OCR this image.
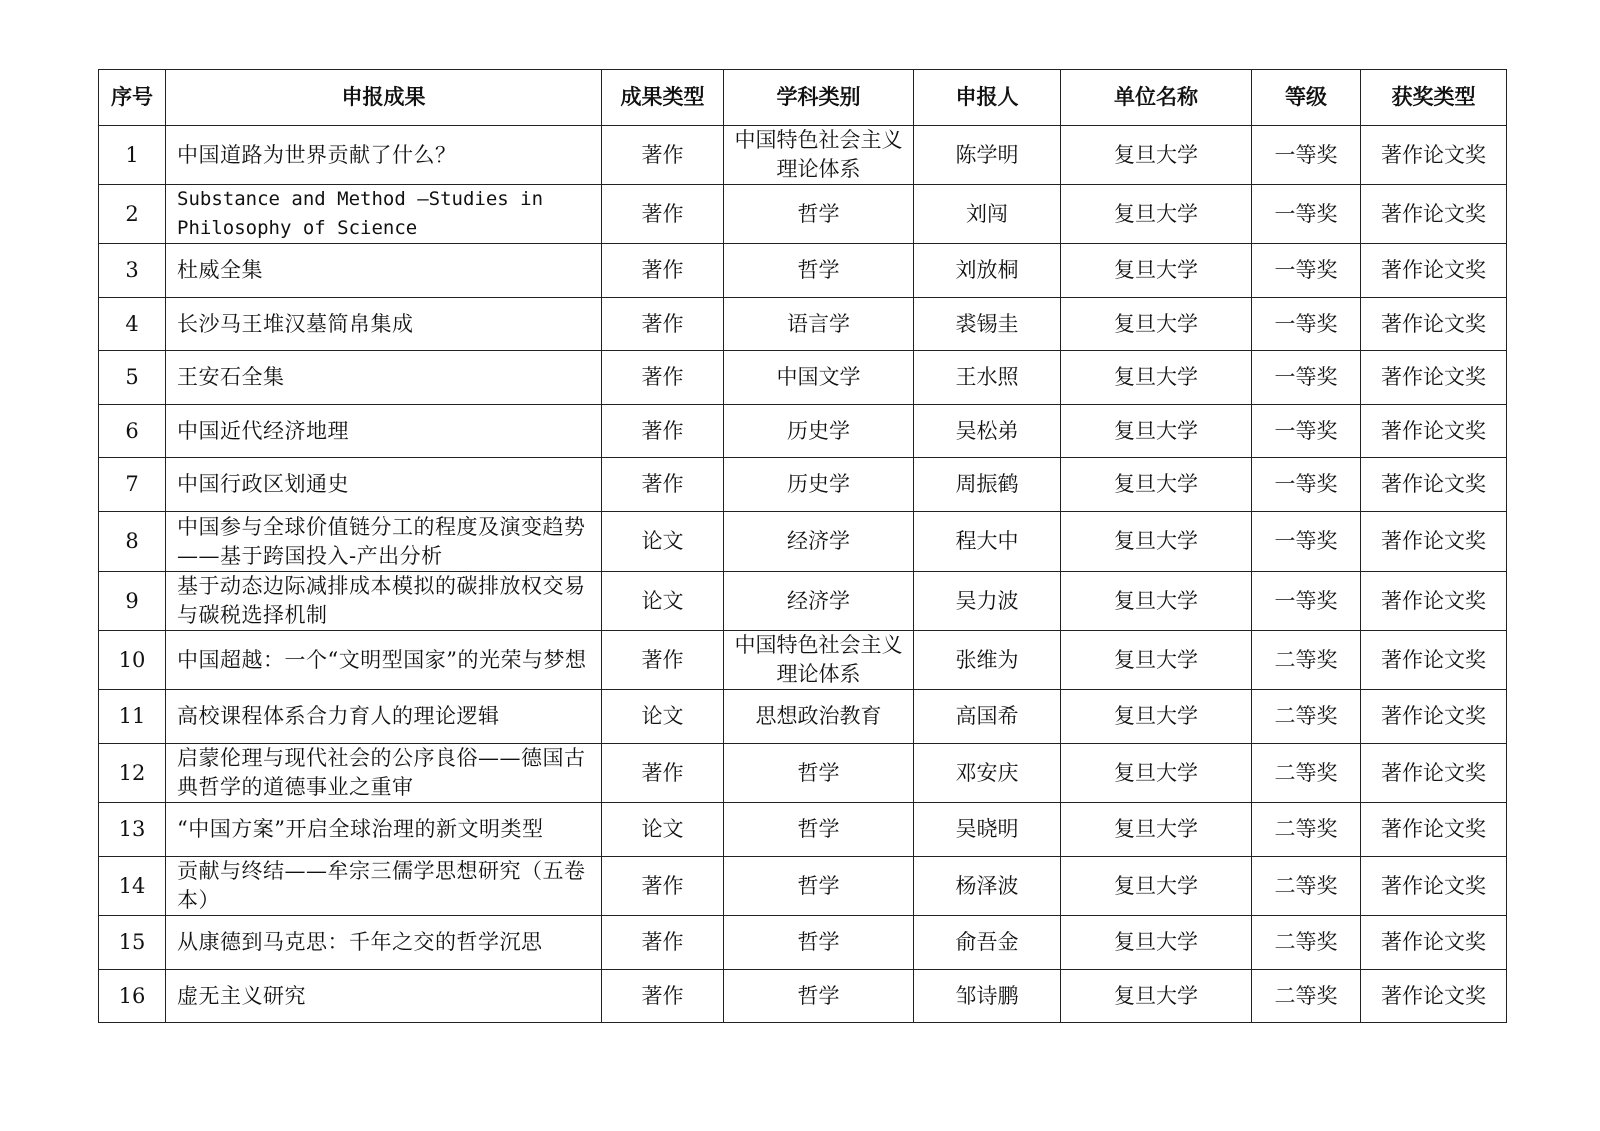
序号	申报成果	成果类型	学科类别	申报人	单位名称	等级	获奖类型
1	中国道路为世界贡献了什么？	著作	中国特色社会主义理论体系	陈学明	复旦大学	一等奖	著作论文奖
2	Substance and Method —Studies in Philosophy of Science	著作	哲学	刘闯	复旦大学	一等奖	著作论文奖
3	杜威全集	著作	哲学	刘放桐	复旦大学	一等奖	著作论文奖
4	长沙马王堆汉墓简帛集成	著作	语言学	裘锡圭	复旦大学	一等奖	著作论文奖
5	王安石全集	著作	中国文学	王水照	复旦大学	一等奖	著作论文奖
6	中国近代经济地理	著作	历史学	吴松弟	复旦大学	一等奖	著作论文奖
7	中国行政区划通史	著作	历史学	周振鹤	复旦大学	一等奖	著作论文奖
8	中国参与全球价值链分工的程度及演变趋势——基于跨国投入-产出分析	论文	经济学	程大中	复旦大学	一等奖	著作论文奖
9	基于动态边际减排成本模拟的碳排放权交易与碳税选择机制	论文	经济学	吴力波	复旦大学	一等奖	著作论文奖
10	中国超越：一个“文明型国家”的光荣与梦想	著作	中国特色社会主义理论体系	张维为	复旦大学	二等奖	著作论文奖
11	高校课程体系合力育人的理论逻辑	论文	思想政治教育	高国希	复旦大学	二等奖	著作论文奖
12	启蒙伦理与现代社会的公序良俗——德国古典哲学的道德事业之重审	著作	哲学	邓安庆	复旦大学	二等奖	著作论文奖
13	“中国方案”开启全球治理的新文明类型	论文	哲学	吴晓明	复旦大学	二等奖	著作论文奖
14	贡献与终结——牟宗三儒学思想研究（五卷本）	著作	哲学	杨泽波	复旦大学	二等奖	著作论文奖
15	从康德到马克思：千年之交的哲学沉思	著作	哲学	俞吾金	复旦大学	二等奖	著作论文奖
16	虚无主义研究	著作	哲学	邹诗鹏	复旦大学	二等奖	著作论文奖
